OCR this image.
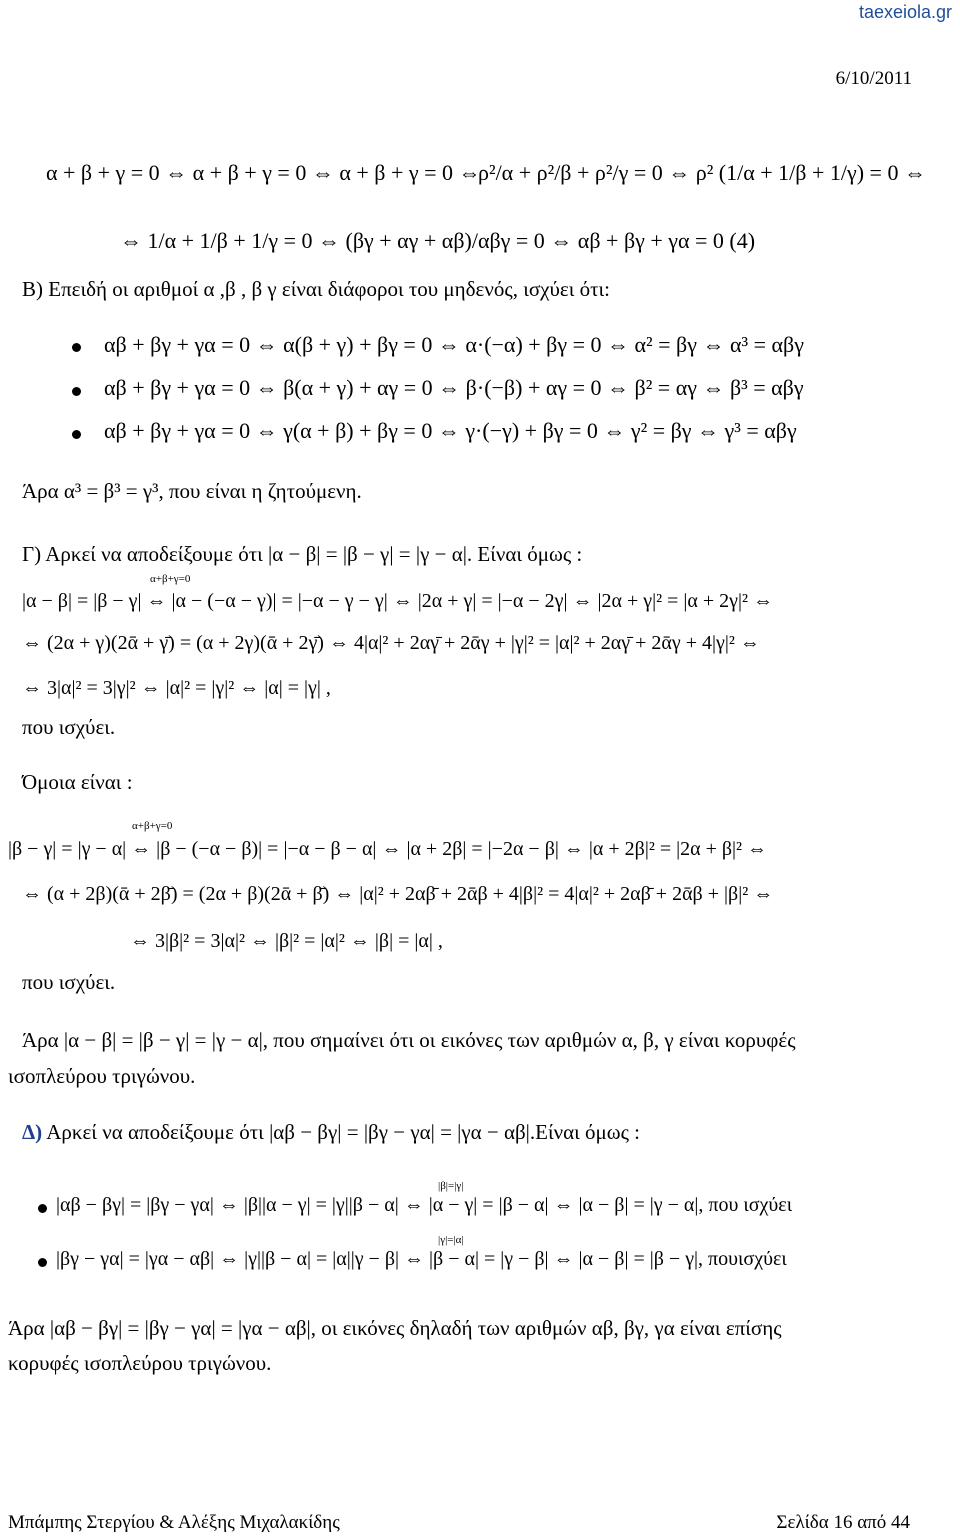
taexeiola.gr
6/10/2011
α + β + γ = 0 ⇔ α + β + γ = 0 ⇔ α + β + γ = 0 ⇔
ρ²/α + ρ²/β + ρ²/γ = 0 ⇔ ρ² (1/α + 1/β + 1/γ) = 0 ⇔
⇔ 1/α + 1/β + 1/γ = 0 ⇔ (βγ + αγ + αβ)/αβγ = 0 ⇔ αβ + βγ + γα = 0 (4)
Β) Επειδή οι αριθμοί α ,β , β γ είναι διάφοροι του μηδενός, ισχύει ότι:
αβ + βγ + γα = 0 ⇔ α(β + γ) + βγ = 0 ⇔ α·(−α) + βγ = 0 ⇔ α² = βγ ⇔ α³ = αβγ
αβ + βγ + γα = 0 ⇔ β(α + γ) + αγ = 0 ⇔ β·(−β) + αγ = 0 ⇔ β² = αγ ⇔ β³ = αβγ
αβ + βγ + γα = 0 ⇔ γ(α + β) + βγ = 0 ⇔ γ·(−γ) + βγ = 0 ⇔ γ² = βγ ⇔ γ³ = αβγ
Άρα α³ = β³ = γ³, που είναι η ζητούμενη.
Γ) Αρκεί να αποδείξουμε ότι |α − β| = |β − γ| = |γ − α|. Είναι όμως :
α+β+γ=0
|α − β| = |β − γ| ⇔ |α − (−α − γ)| = |−α − γ − γ| ⇔ |2α + γ| = |−α − 2γ| ⇔ |2α + γ|² = |α + 2γ|² ⇔
⇔ (2α + γ)(2ᾱ + γ̄) = (α + 2γ)(ᾱ + 2γ̄) ⇔ 4|α|² + 2αγ̄ + 2ᾱγ + |γ|² = |α|² + 2αγ̄ + 2ᾱγ + 4|γ|² ⇔
⇔ 3|α|² = 3|γ|² ⇔ |α|² = |γ|² ⇔ |α| = |γ| ,
που ισχύει.
Όμοια είναι :
α+β+γ=0
|β − γ| = |γ − α| ⇔ |β − (−α − β)| = |−α − β − α| ⇔ |α + 2β| = |−2α − β| ⇔ |α + 2β|² = |2α + β|² ⇔
⇔ (α + 2β)(ᾱ + 2β̄) = (2α + β)(2ᾱ + β̄) ⇔ |α|² + 2αβ̄ + 2ᾱβ + 4|β|² = 4|α|² + 2αβ̄ + 2ᾱβ + |β|² ⇔
⇔ 3|β|² = 3|α|² ⇔ |β|² = |α|² ⇔ |β| = |α| ,
που ισχύει.
Άρα |α − β| = |β − γ| = |γ − α|, που σημαίνει ότι οι εικόνες των αριθμών α, β, γ είναι κορυφές
ισοπλεύρου τριγώνου.
Δ) Αρκεί να αποδείξουμε ότι |αβ − βγ| = |βγ − γα| = |γα − αβ|.Είναι όμως :
|β|=|γ|
|αβ − βγ| = |βγ − γα| ⇔ |β||α − γ| = |γ||β − α| ⇔ |α − γ| = |β − α| ⇔ |α − β| = |γ − α|, που ισχύει
|γ|=|α|
|βγ − γα| = |γα − αβ| ⇔ |γ||β − α| = |α||γ − β| ⇔ |β − α| = |γ − β| ⇔ |α − β| = |β − γ|, πουισχύει
Άρα |αβ − βγ| = |βγ − γα| = |γα − αβ|, οι εικόνες δηλαδή των αριθμών αβ, βγ, γα είναι επίσης
κορυφές ισοπλεύρου τριγώνου.
Μπάμπης Στεργίου & Αλέξης Μιχαλακίδης	Σελίδα 16 από 44
